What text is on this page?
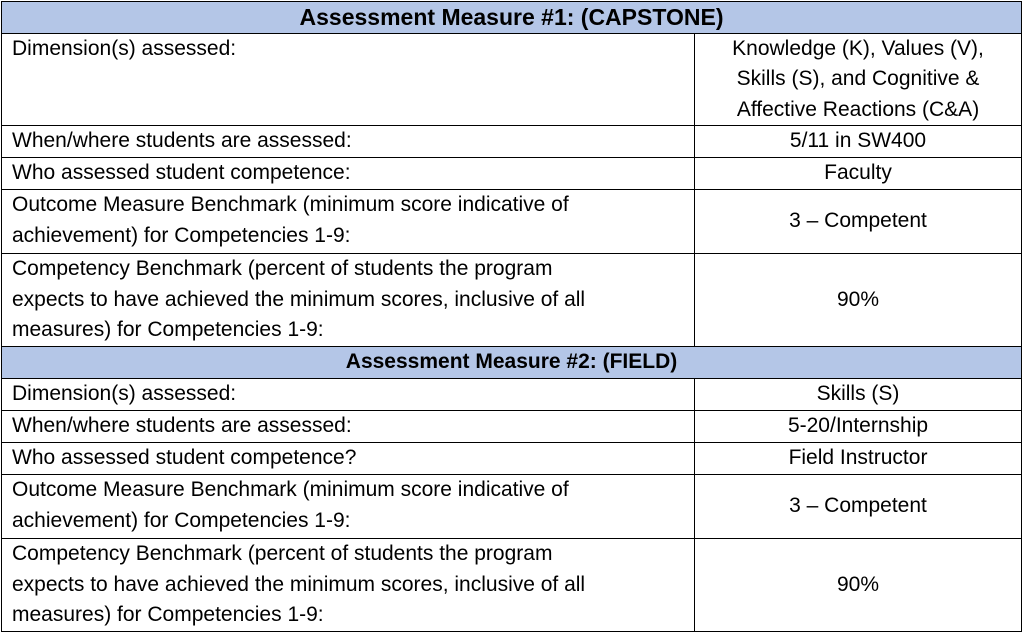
Assessment Measure #1: (CAPSTONE)	
Dimension(s) assessed:	Knowledge (K), Values (V),
Skills (S), and Cognitive &
Affective Reactions (C&A)

When/where students are assessed:	5/11 in SW400
Who assessed student competence:	Faculty

Outcome Measure Benchmark (minimum score indicative of
achievement) for Competencies 1-9:	3 – Competent

Competency Benchmark (percent of students the program
expects to have achieved the minimum scores, inclusive of all
measures) for Competencies 1-9:	90%
Assessment Measure #2: (FIELD)	
Dimension(s) assessed:	Skills (S)
When/where students are assessed:	5-20/Internship
Who assessed student competence?	Field Instructor

Outcome Measure Benchmark (minimum score indicative of
achievement) for Competencies 1-9:	3 – Competent

Competency Benchmark (percent of students the program
expects to have achieved the minimum scores, inclusive of all
measures) for Competencies 1-9:	90%
